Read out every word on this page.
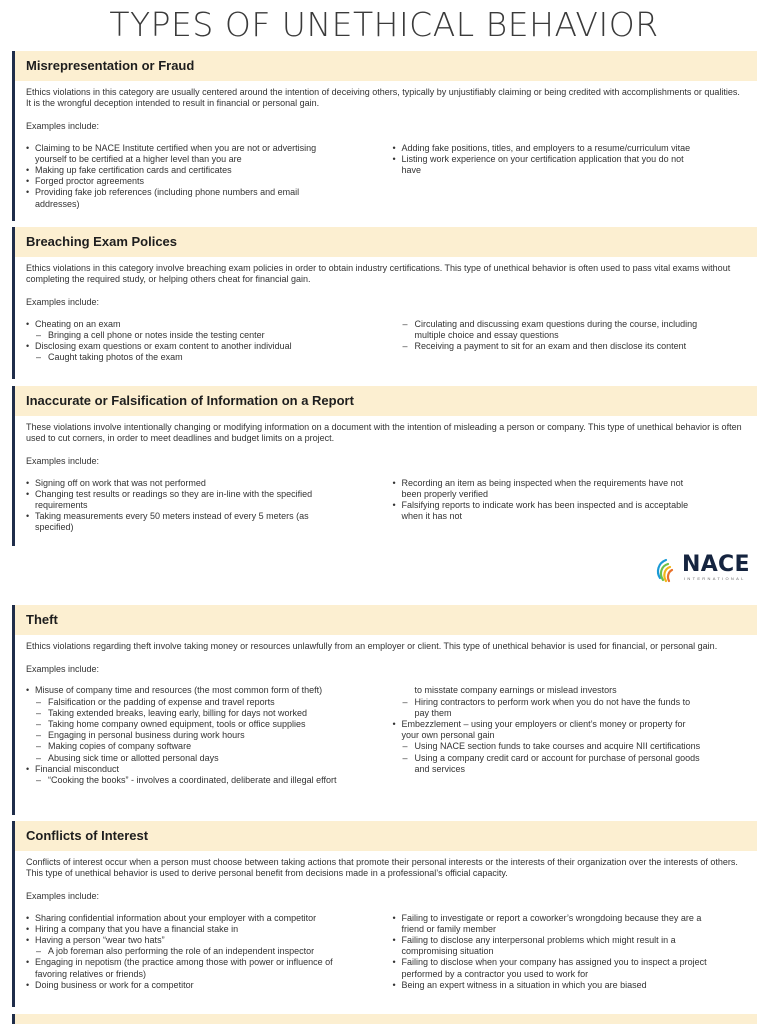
TYPES OF UNETHICAL BEHAVIOR
Misrepresentation or Fraud

Ethics violations in this category are usually centered around the intention of deceiving others, typically by unjustifiably claiming or being credited with accomplishments or qualities. It is the wrongful deception intended to result in financial or personal gain.

Examples include:

• Claiming to be NACE Institute certified when you are not or advertising
yourself to be certified at a higher level than you are
• Making up fake certification cards and certificates
• Forged proctor agreements
• Providing fake job references (including phone numbers and email
addresses)
• Adding fake positions, titles, and employers to a resume/curriculum vitae
• Listing work experience on your certification application that you do not
have
Breaching Exam Polices

Ethics violations in this category involve breaching exam policies in order to obtain industry certifications. This type of unethical behavior is often used to pass vital exams without completing the required study, or helping others cheat for financial gain.

Examples include:

• Cheating on an exam
– Bringing a cell phone or notes inside the testing center
• Disclosing exam questions or exam content to another individual
– Caught taking photos of the exam
– Circulating and discussing exam questions during the course, including
multiple choice and essay questions
– Receiving a payment to sit for an exam and then disclose its content
Inaccurate or Falsification of Information on a Report

These violations involve intentionally changing or modifying information on a document with the intention of misleading a person or company. This type of unethical behavior is often used to cut corners, in order to meet deadlines and budget limits on a project.

Examples include:

• Signing off on work that was not performed
• Changing test results or readings so they are in-line with the specified
requirements
• Taking measurements every 50 meters instead of every 5 meters (as
specified)
• Recording an item as being inspected when the requirements have not
been properly verified
• Falsifying reports to indicate work has been inspected and is acceptable
when it has not
NACE
INTERNATIONAL
Theft

Ethics violations regarding theft involve taking money or resources unlawfully from an employer or client. This type of unethical behavior is used for financial, or personal gain.

Examples include:

• Misuse of company time and resources (the most common form of theft)
– Falsification or the padding of expense and travel reports
– Taking extended breaks, leaving early, billing for days not worked
– Taking home company owned equipment, tools or office supplies
– Engaging in personal business during work hours
– Making copies of company software
– Abusing sick time or allotted personal days
• Financial misconduct
– “Cooking the books” - involves a coordinated, deliberate and illegal effort
to misstate company earnings or mislead investors
– Hiring contractors to perform work when you do not have the funds to
pay them
• Embezzlement – using your employers or client’s money or property for
your own personal gain
– Using NACE section funds to take courses and acquire NII certifications
– Using a company credit card or account for purchase of personal goods
and services
Conflicts of Interest

Conflicts of interest occur when a person must choose between taking actions that promote their personal interests or the interests of their organization over the interests of others. This type of unethical behavior is used to derive personal benefit from decisions made in a professional’s official capacity.

Examples include:

• Sharing confidential information about your employer with a competitor
• Hiring a company that you have a financial stake in
• Having a person “wear two hats”
– A job foreman also performing the role of an independent inspector
• Engaging in nepotism (the practice among those with power or influence of
favoring relatives or friends)
• Doing business or work for a competitor
• Failing to investigate or report a coworker’s wrongdoing because they are a
friend or family member
• Failing to disclose any interpersonal problems which might result in a
compromising situation
• Failing to disclose when your company has assigned you to inspect a project
performed by a contractor you used to work for
• Being an expert witness in a situation in which you are biased
